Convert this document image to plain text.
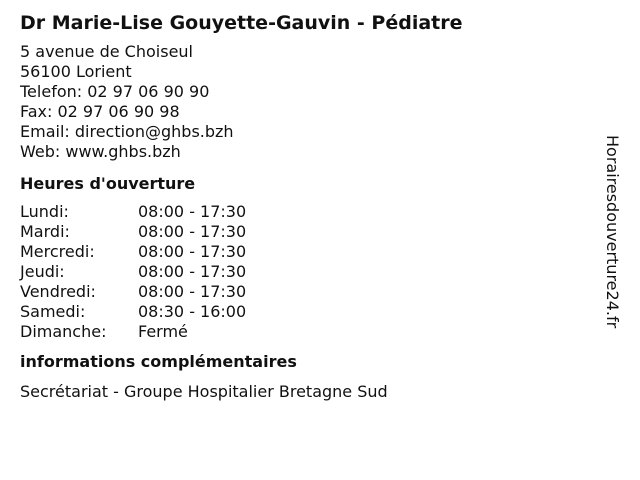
Dr Marie-Lise Gouyette-Gauvin - Pédiatre
5 avenue de Choiseul
56100 Lorient
Telefon: 02 97 06 90 90
Fax: 02 97 06 90 98
Email: direction@ghbs.bzh
Web: www.ghbs.bzh
Heures d'ouverture
Lundi:	08:00 - 17:30
Mardi:	08:00 - 17:30
Mercredi:	08:00 - 17:30
Jeudi:	08:00 - 17:30
Vendredi:	08:00 - 17:30
Samedi:	08:30 - 16:00
Dimanche:	Fermé
informations complémentaires
Secrétariat - Groupe Hospitalier Bretagne Sud
Horairesdouverture24.fr
